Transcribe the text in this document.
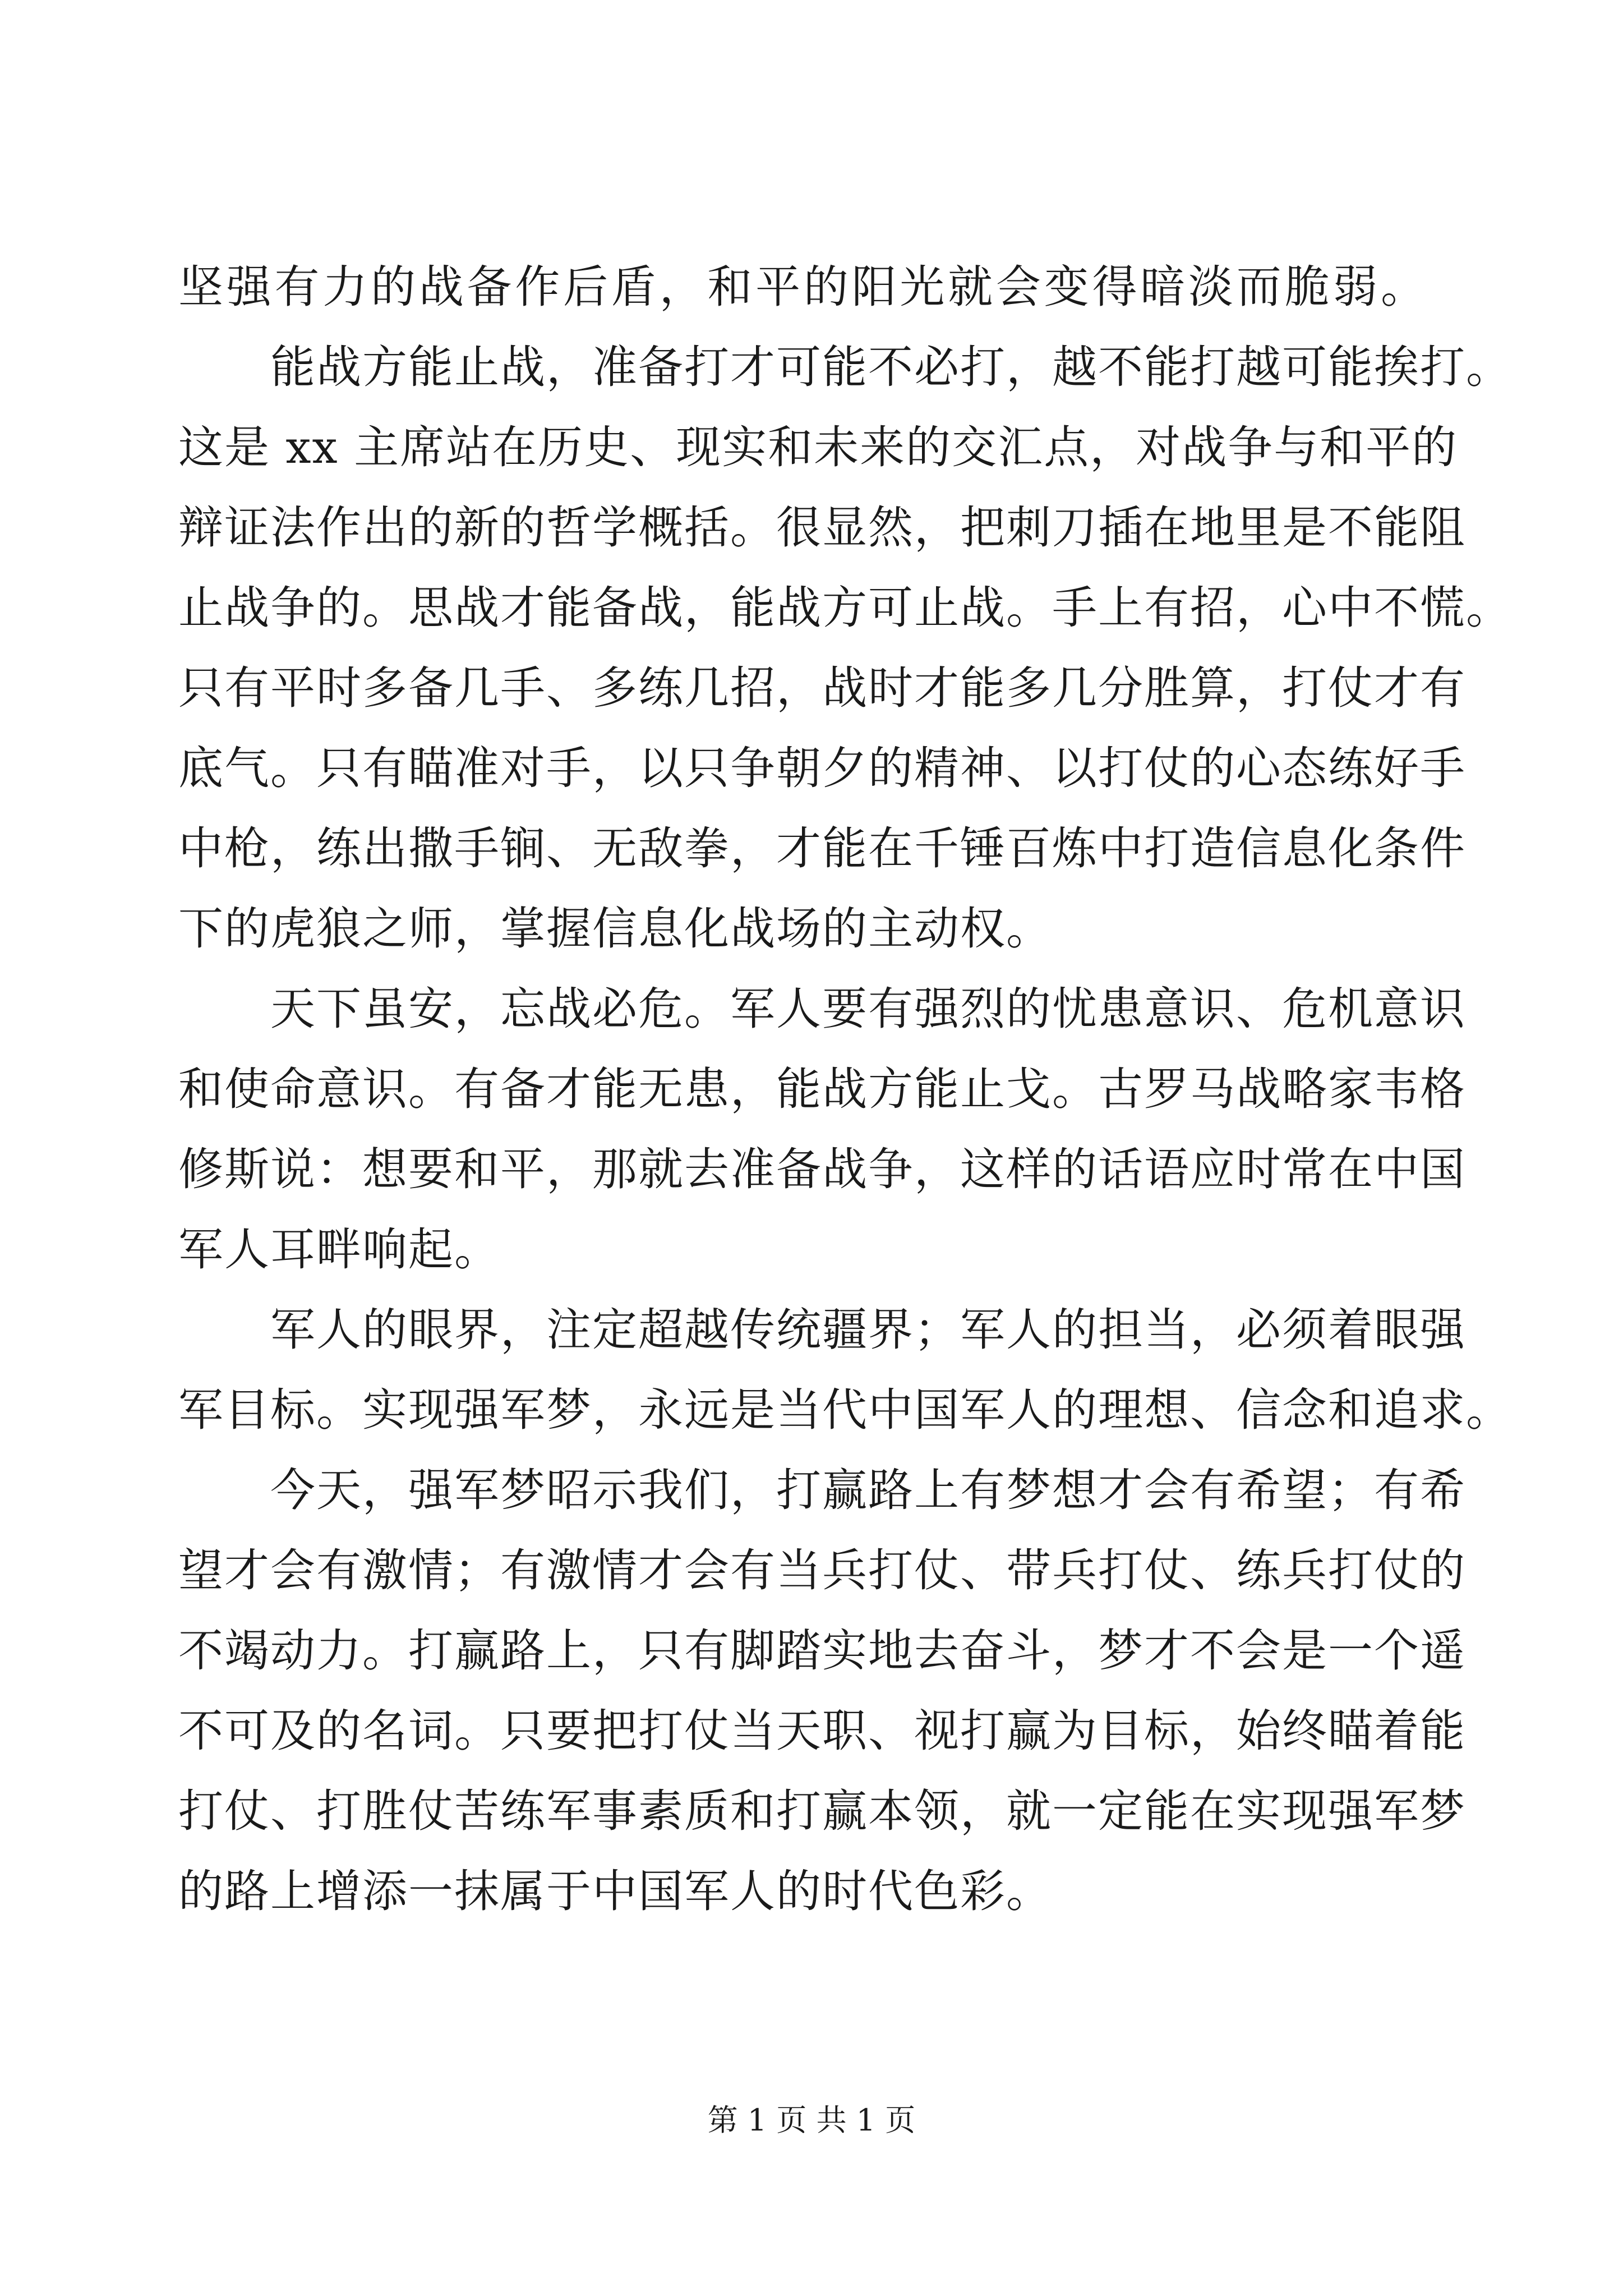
坚强有力的战备作后盾，和平的阳光就会变得暗淡而脆弱。
能战方能止战，准备打才可能不必打，越不能打越可能挨打。
这是 xx 主席站在历史、现实和未来的交汇点，对战争与和平的
辩证法作出的新的哲学概括。很显然，把刺刀插在地里是不能阻
止战争的。思战才能备战，能战方可止战。手上有招，心中不慌。
只有平时多备几手、多练几招，战时才能多几分胜算，打仗才有
底气。只有瞄准对手，以只争朝夕的精神、以打仗的心态练好手
中枪，练出撒手锏、无敌拳，才能在千锤百炼中打造信息化条件
下的虎狼之师，掌握信息化战场的主动权。
天下虽安，忘战必危。军人要有强烈的忧患意识、危机意识
和使命意识。有备才能无患，能战方能止戈。古罗马战略家韦格
修斯说：想要和平，那就去准备战争，这样的话语应时常在中国
军人耳畔响起。
军人的眼界，注定超越传统疆界；军人的担当，必须着眼强
军目标。实现强军梦，永远是当代中国军人的理想、信念和追求。
今天，强军梦昭示我们，打赢路上有梦想才会有希望；有希
望才会有激情；有激情才会有当兵打仗、带兵打仗、练兵打仗的
不竭动力。打赢路上，只有脚踏实地去奋斗，梦才不会是一个遥
不可及的名词。只要把打仗当天职、视打赢为目标，始终瞄着能
打仗、打胜仗苦练军事素质和打赢本领，就一定能在实现强军梦
的路上增添一抹属于中国军人的时代色彩。
第 1 页 共 1 页
